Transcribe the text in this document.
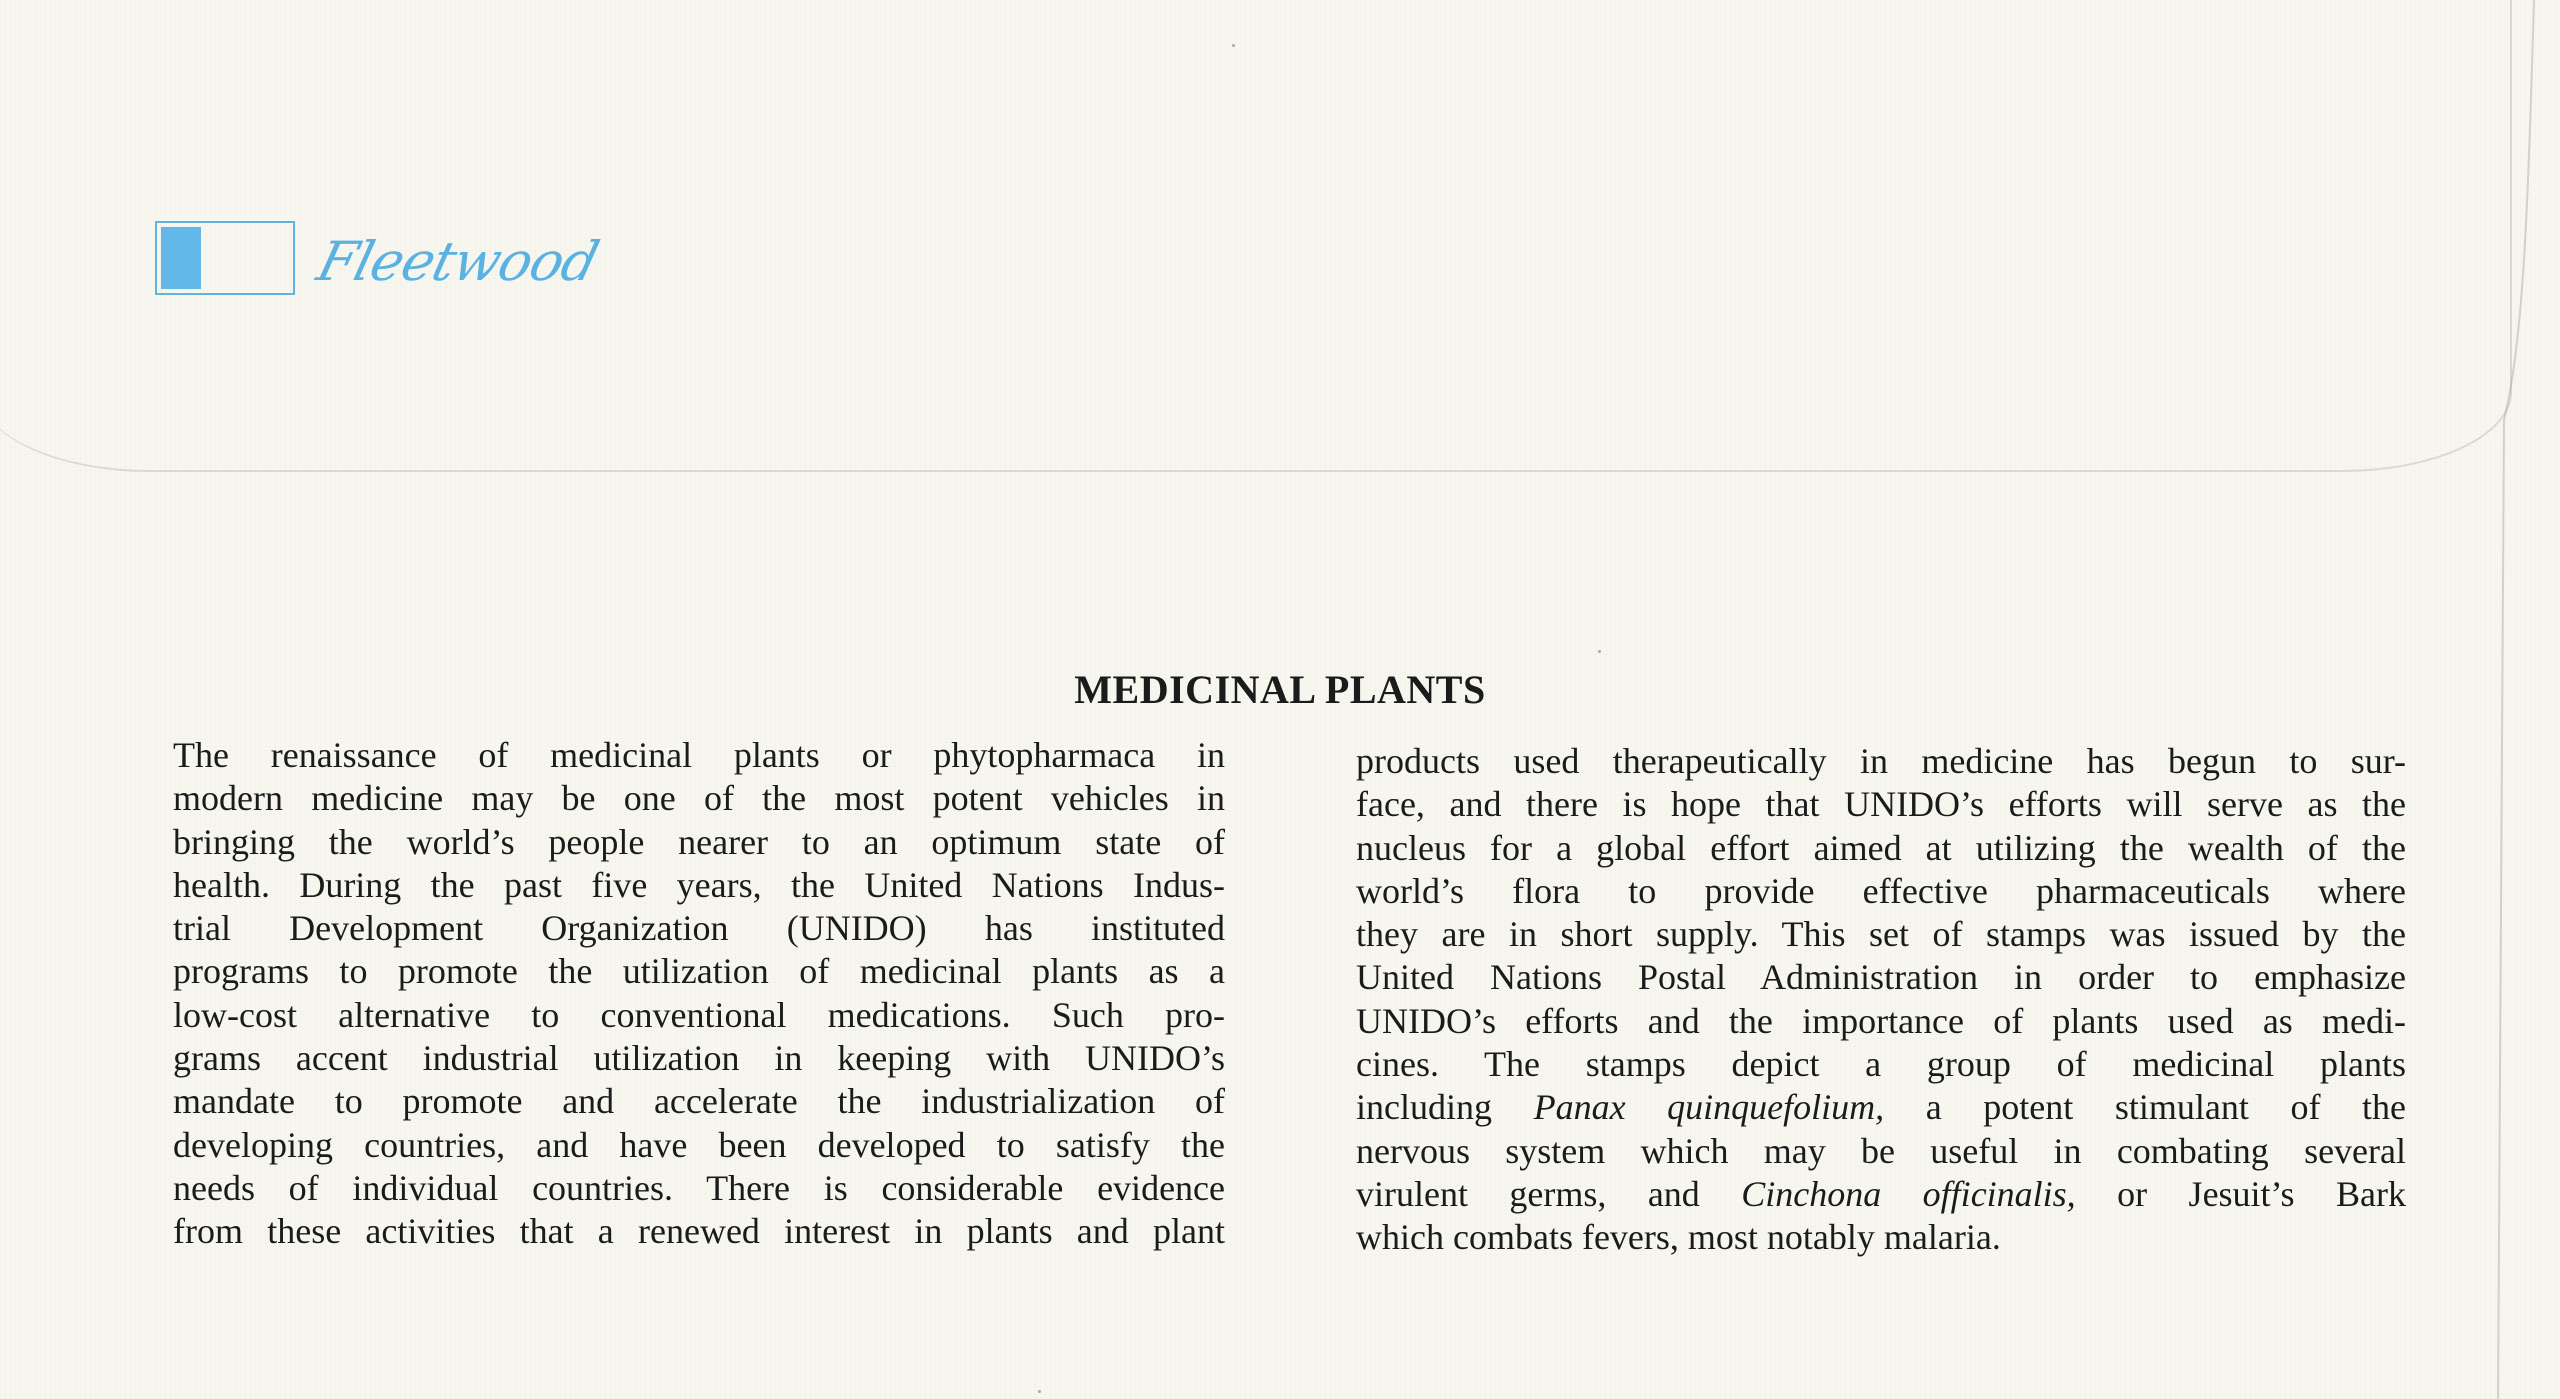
Fleetwood
MEDICINAL PLANTS
The renaissance of medicinal plants or phytopharmaca in
modern medicine may be one of the most potent vehicles in
bringing the world’s people nearer to an optimum state of
health. During the past five years, the United Nations Indus-
trial Development Organization (UNIDO) has instituted
programs to promote the utilization of medicinal plants as a
low-cost alternative to conventional medications. Such pro-
grams accent industrial utilization in keeping with UNIDO’s
mandate to promote and accelerate the industrialization of
developing countries, and have been developed to satisfy the
needs of individual countries. There is considerable evidence
from these activities that a renewed interest in plants and plant
products used therapeutically in medicine has begun to sur-
face, and there is hope that UNIDO’s efforts will serve as the
nucleus for a global effort aimed at utilizing the wealth of the
world’s flora to provide effective pharmaceuticals where
they are in short supply. This set of stamps was issued by the
United Nations Postal Administration in order to emphasize
UNIDO’s efforts and the importance of plants used as medi-
cines. The stamps depict a group of medicinal plants
including Panax quinquefolium, a potent stimulant of the
nervous system which may be useful in combating several
virulent germs, and Cinchona officinalis, or Jesuit’s Bark
which combats fevers, most notably malaria.
